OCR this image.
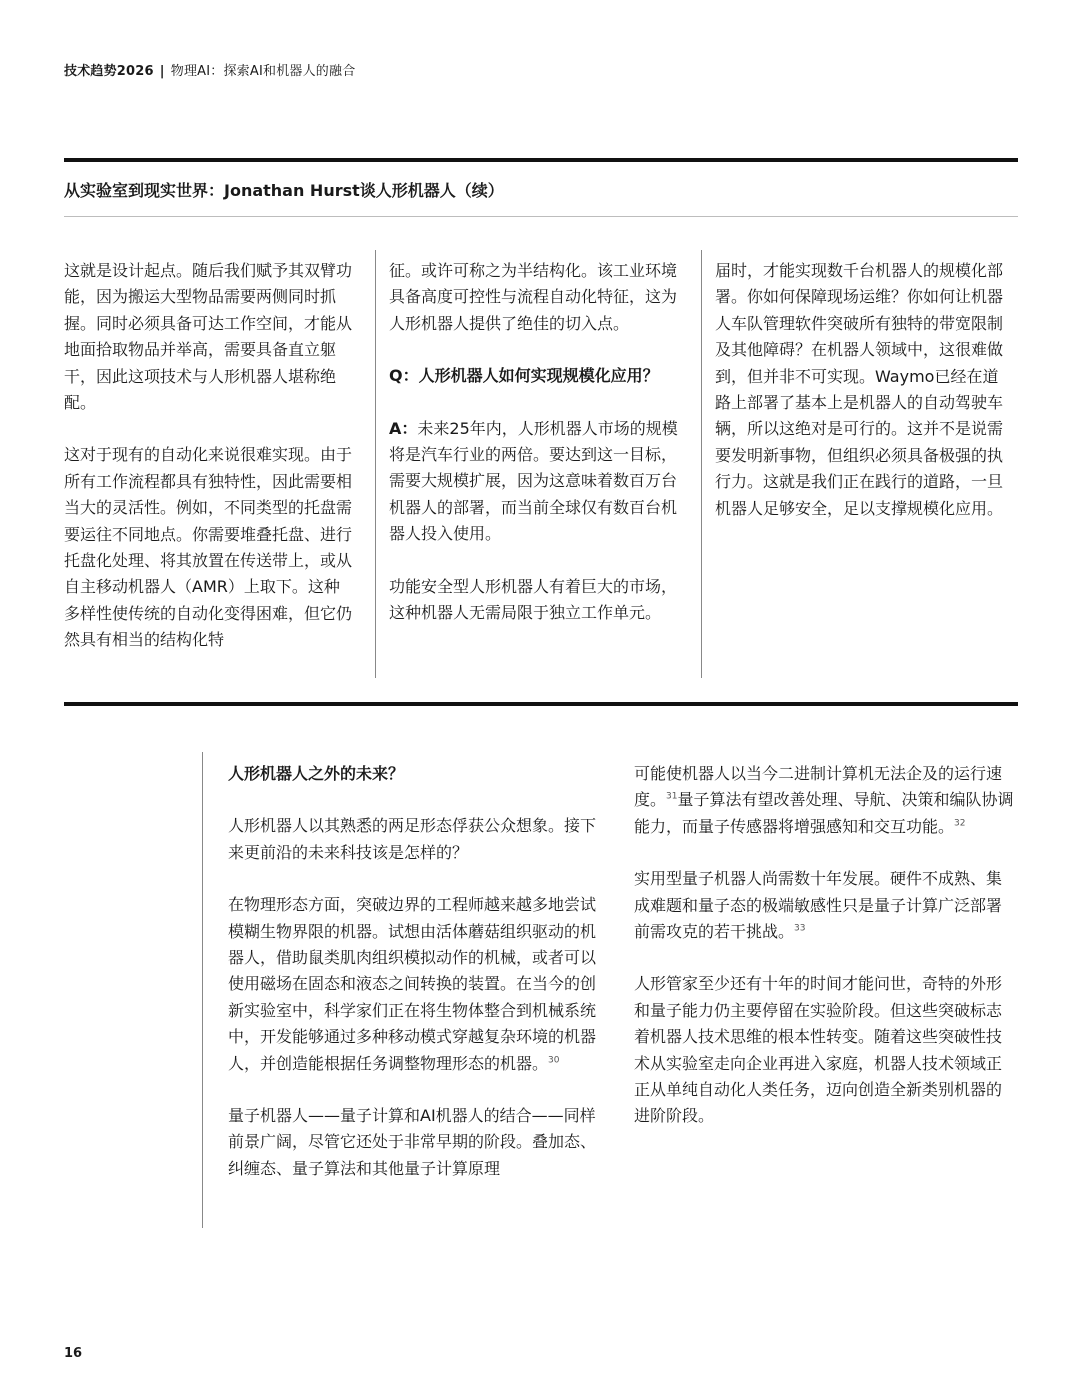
技术趋势2026 | 物理AI：探索AI和机器人的融合
从实验室到现实世界：Jonathan Hurst谈人形机器人（续）

这就是设计起点。随后我们赋予其双臂功能，因为搬运大型物品需要两侧同时抓握。同时必须具备可达工作空间，才能从地面拾取物品并举高，需要具备直立躯干，因此这项技术与人形机器人堪称绝配。

这对于现有的自动化来说很难实现。由于所有工作流程都具有独特性，因此需要相当大的灵活性。例如，不同类型的托盘需要运往不同地点。你需要堆叠托盘、进行托盘化处理、将其放置在传送带上，或从自主移动机器人（AMR）上取下。这种多样性使传统的自动化变得困难，但它仍然具有相当的结构化特

征。或许可称之为半结构化。该工业环境具备高度可控性与流程自动化特征，这为人形机器人提供了绝佳的切入点。

Q：人形机器人如何实现规模化应用？

A：未来25年内，人形机器人市场的规模将是汽车行业的两倍。要达到这一目标，需要大规模扩展，因为这意味着数百万台机器人的部署，而当前全球仅有数百台机器人投入使用。

功能安全型人形机器人有着巨大的市场，这种机器人无需局限于独立工作单元。

届时，才能实现数千台机器人的规模化部署。你如何保障现场运维？你如何让机器人车队管理软件突破所有独特的带宽限制及其他障碍？在机器人领域中，这很难做到，但并非不可实现。Waymo已经在道路上部署了基本上是机器人的自动驾驶车辆，所以这绝对是可行的。这并不是说需要发明新事物，但组织必须具备极强的执行力。这就是我们正在践行的道路，一旦机器人足够安全，足以支撑规模化应用。

人形机器人之外的未来？

人形机器人以其熟悉的两足形态俘获公众想象。接下来更前沿的未来科技该是怎样的？

在物理形态方面，突破边界的工程师越来越多地尝试模糊生物界限的机器。试想由活体蘑菇组织驱动的机器人，借助鼠类肌肉组织模拟动作的机械，或者可以使用磁场在固态和液态之间转换的装置。在当今的创新实验室中，科学家们正在将生物体整合到机械系统中，开发能够通过多种移动模式穿越复杂环境的机器人，并创造能根据任务调整物理形态的机器。$^{30}$

量子机器人——量子计算和AI机器人的结合——同样前景广阔，尽管它还处于非常早期的阶段。叠加态、纠缠态、量子算法和其他量子计算原理

可能使机器人以当今二进制计算机无法企及的运行速度。$^{31}$量子算法有望改善处理、导航、决策和编队协调能力，而量子传感器将增强感知和交互功能。$^{32}$

实用型量子机器人尚需数十年发展。硬件不成熟、集成难题和量子态的极端敏感性只是量子计算广泛部署前需攻克的若干挑战。$^{33}$

人形管家至少还有十年的时间才能问世，奇特的外形和量子能力仍主要停留在实验阶段。但这些突破标志着机器人技术思维的根本性转变。随着这些突破性技术从实验室走向企业再进入家庭，机器人技术领域正正从单纯自动化人类任务，迈向创造全新类别机器的进阶阶段。

16
